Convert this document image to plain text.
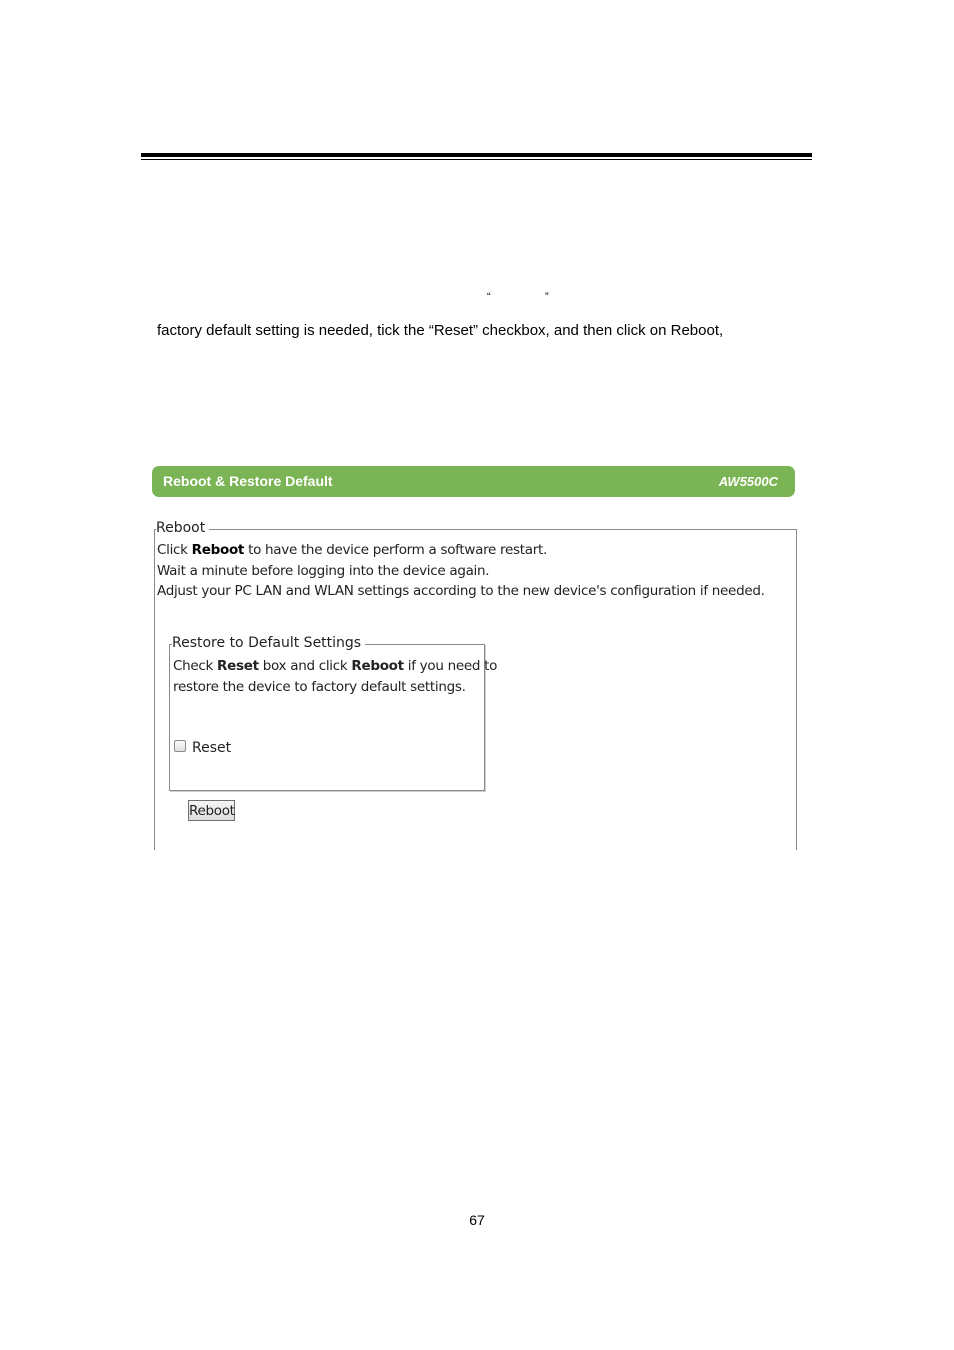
“	”
factory default setting is needed, tick the “Reset” checkbox, and then click on Reboot,
Reboot & Restore Default	AW5500C
Reboot
Click Reboot to have the device perform a software restart.
Wait a minute before logging into the device again.
Adjust your PC LAN and WLAN settings according to the new device's configuration if needed.
Restore to Default Settings
Check Reset box and click Reboot if you need to
restore the device to factory default settings.
Reset
Reboot
67
